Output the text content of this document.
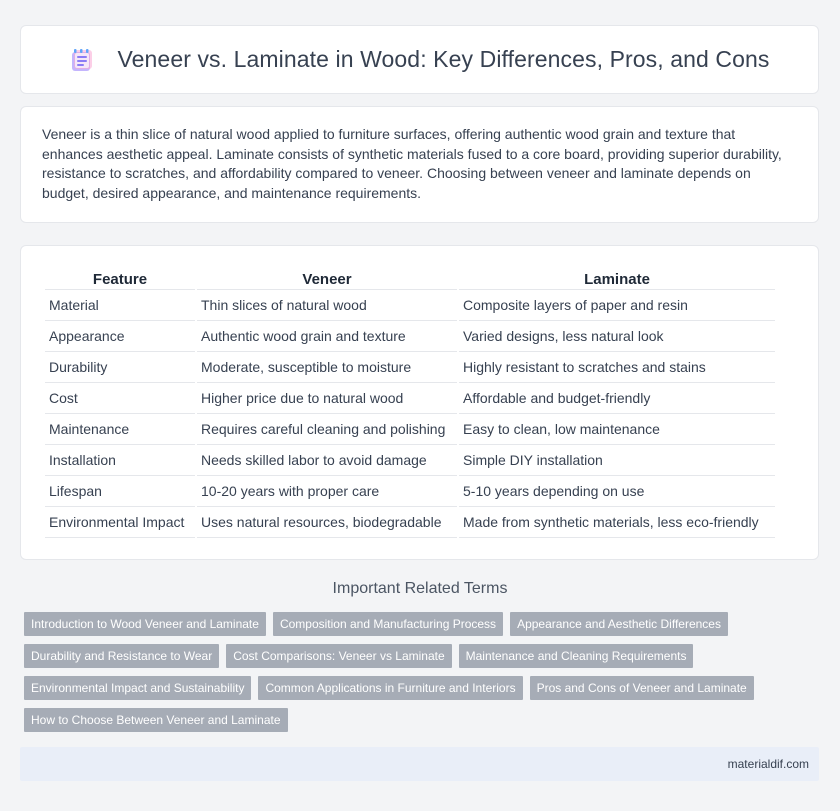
Veneer vs. Laminate in Wood: Key Differences, Pros, and Cons

Veneer is a thin slice of natural wood applied to furniture surfaces, offering authentic wood grain and texture that enhances aesthetic appeal. Laminate consists of synthetic materials fused to a core board, providing superior durability, resistance to scratches, and affordability compared to veneer. Choosing between veneer and laminate depends on budget, desired appearance, and maintenance requirements.

Feature	Veneer	Laminate
Material	Thin slices of natural wood	Composite layers of paper and resin
Appearance	Authentic wood grain and texture	Varied designs, less natural look
Durability	Moderate, susceptible to moisture	Highly resistant to scratches and stains
Cost	Higher price due to natural wood	Affordable and budget-friendly
Maintenance	Requires careful cleaning and polishing	Easy to clean, low maintenance
Installation	Needs skilled labor to avoid damage	Simple DIY installation
Lifespan	10-20 years with proper care	5-10 years depending on use
Environmental Impact	Uses natural resources, biodegradable	Made from synthetic materials, less eco-friendly
Important Related Terms
Introduction to Wood Veneer and Laminate	Composition and Manufacturing Process	Appearance and Aesthetic Differences
Durability and Resistance to Wear	Cost Comparisons: Veneer vs Laminate	Maintenance and Cleaning Requirements
Environmental Impact and Sustainability	Common Applications in Furniture and Interiors	Pros and Cons of Veneer and Laminate
How to Choose Between Veneer and Laminate
materialdif.com
